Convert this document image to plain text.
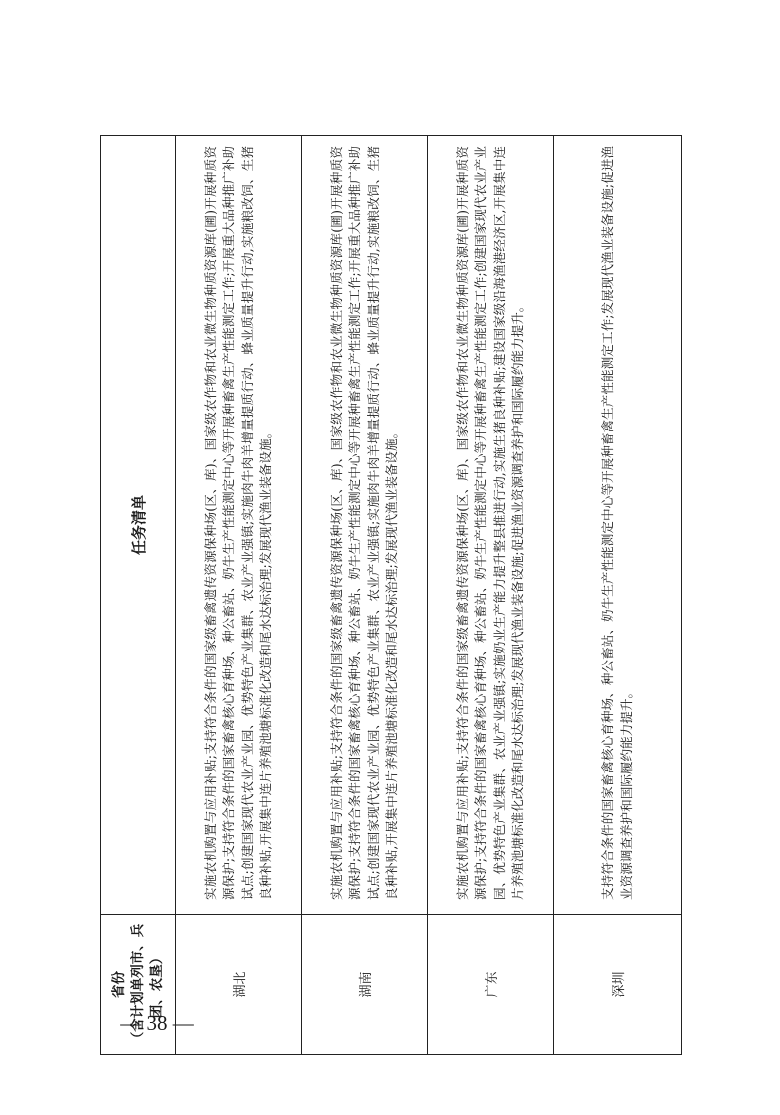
— 38 —
省份
（含计划单列市、兵团、农垦）	任务清单
湖北	实施农机购置与应用补贴;支持符合条件的国家级畜禽遗传资源保种场(区、库)、国家级农作物和农业微生物种质资源库(圃)开展种质资源保护;支持符合条件的国家畜禽核心育种场、种公畜站、奶牛生产性能测定中心等开展种畜禽生产性能测定工作;开展重大品种推广补助试点;创建国家现代农业产业园、优势特色产业集群、农业产业强镇;实施肉牛肉羊增量提质行动、蜂业质量提升行动,实施粮改饲、生猪良种补贴,开展集中连片养殖池塘标准化改造和尾水达标治理;发展现代渔业装备设施。
湖南	实施农机购置与应用补贴;支持符合条件的国家级畜禽遗传资源保种场(区、库)、国家级农作物和农业微生物种质资源库(圃)开展种质资源保护;支持符合条件的国家畜禽核心育种场、种公畜站、奶牛生产性能测定中心等开展种畜禽生产性能测定工作;开展重大品种推广补助试点;创建国家现代农业产业园、优势特色产业集群、农业产业强镇;实施肉牛肉羊增量提质行动、蜂业质量提升行动,实施粮改饲、生猪良种补贴,开展集中连片养殖池塘标准化改造和尾水达标治理;发展现代渔业装备设施。
广东	实施农机购置与应用补贴;支持符合条件的国家级畜禽遗传资源保种场(区、库)、国家级农作物和农业微生物种质资源库(圃)开展种质资源保护;支持符合条件的国家畜禽核心育种场、种公畜站、奶牛生产性能测定中心等开展种畜禽生产性能测定工作;创建国家现代农业产业园、优势特色产业集群、农业产业强镇;实施奶业生产能力提升整县推进行动,实施生猪良种补贴;建设国家级沿海渔港经济区,开展集中连片养殖池塘标准化改造和尾水达标治理;发展现代渔业装备设施;促进渔业资源调查养护和国际履约能力提升。
深圳	支持符合条件的国家畜禽核心育种场、种公畜站、奶牛生产性能测定中心等开展种畜禽生产性能测定工作;发展现代渔业装备设施;促进渔业资源调查养护和国际履约能力提升。
